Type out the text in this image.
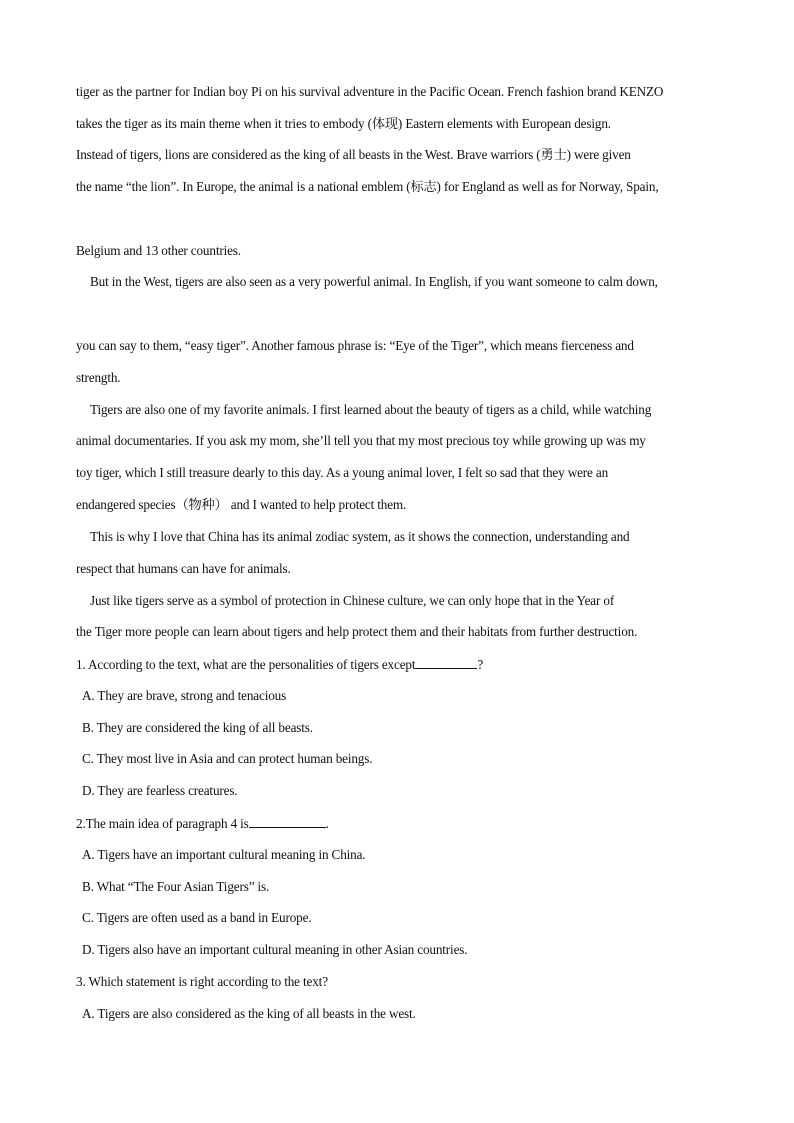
tiger as the partner for Indian boy Pi on his survival adventure in the Pacific Ocean. French fashion brand KENZO
takes the tiger as its main theme when it tries to embody (体现) Eastern elements with European design.
Instead of tigers, lions are considered as the king of all beasts in the West. Brave warriors (勇士) were given
the name “the lion”. In Europe, the animal is a national emblem (标志) for England as well as for Norway, Spain,
Belgium and 13 other countries.
But in the West, tigers are also seen as a very powerful animal. In English, if you want someone to calm down,
you can say to them, “easy tiger”. Another famous phrase is: “Eye of the Tiger”, which means fierceness and
strength.
Tigers are also one of my favorite animals. I first learned about the beauty of tigers as a child, while watching
animal documentaries. If you ask my mom, she’ll tell you that my most precious toy while growing up was my
toy tiger, which I still treasure dearly to this day. As a young animal lover, I felt so sad that they were an
endangered species（物种） and I wanted to help protect them.
This is why I love that China has its animal zodiac system, as it shows the connection, understanding and
respect that humans can have for animals.
Just like tigers serve as a symbol of protection in Chinese culture, we can only hope that in the Year of
the Tiger more people can learn about tigers and help protect them and their habitats from further destruction.
1. According to the text, what are the personalities of tigers except	?
A. They are brave, strong and tenacious
B. They are considered the king of all beasts.
C. They most live in Asia and can protect human beings.
D. They are fearless creatures.
2.The main idea of paragraph 4 is	.
A. Tigers have an important cultural meaning in China.
B. What “The Four Asian Tigers” is.
C. Tigers are often used as a band in Europe.
D. Tigers also have an important cultural meaning in other Asian countries.
3. Which statement is right according to the text?
A. Tigers are also considered as the king of all beasts in the west.
